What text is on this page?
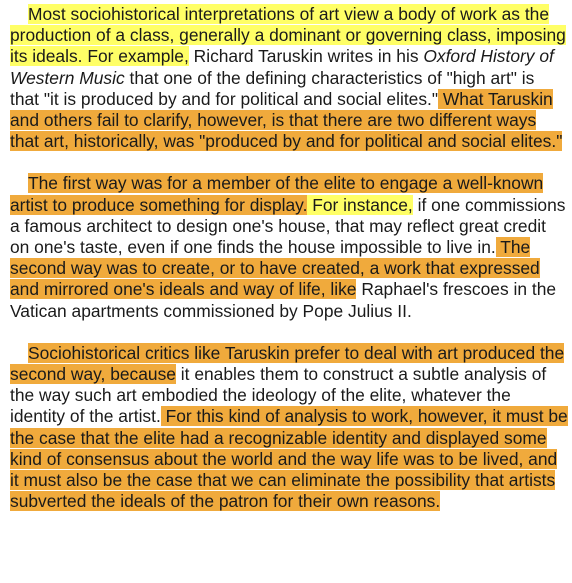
Most sociohistorical interpretations of art view a body of work as the production of a class, generally a dominant or governing class, imposing its ideals. For example, Richard Taruskin writes in his Oxford History of Western Music that one of the defining characteristics of "high art" is that "it is produced by and for political and social elites." What Taruskin and others fail to clarify, however, is that there are two different ways that art, historically, was "produced by and for political and social elites."

The first way was for a member of the elite to engage a well-known artist to produce something for display. For instance, if one commissions a famous architect to design one's house, that may reflect great credit on one's taste, even if one finds the house impossible to live in. The second way was to create, or to have created, a work that expressed and mirrored one's ideals and way of life, like Raphael's frescoes in the Vatican apartments commissioned by Pope Julius II.

Sociohistorical critics like Taruskin prefer to deal with art produced the second way, because it enables them to construct a subtle analysis of the way such art embodied the ideology of the elite, whatever the identity of the artist. For this kind of analysis to work, however, it must be the case that the elite had a recognizable identity and displayed some kind of consensus about the world and the way life was to be lived, and it must also be the case that we can eliminate the possibility that artists subverted the ideals of the patron for their own reasons.
